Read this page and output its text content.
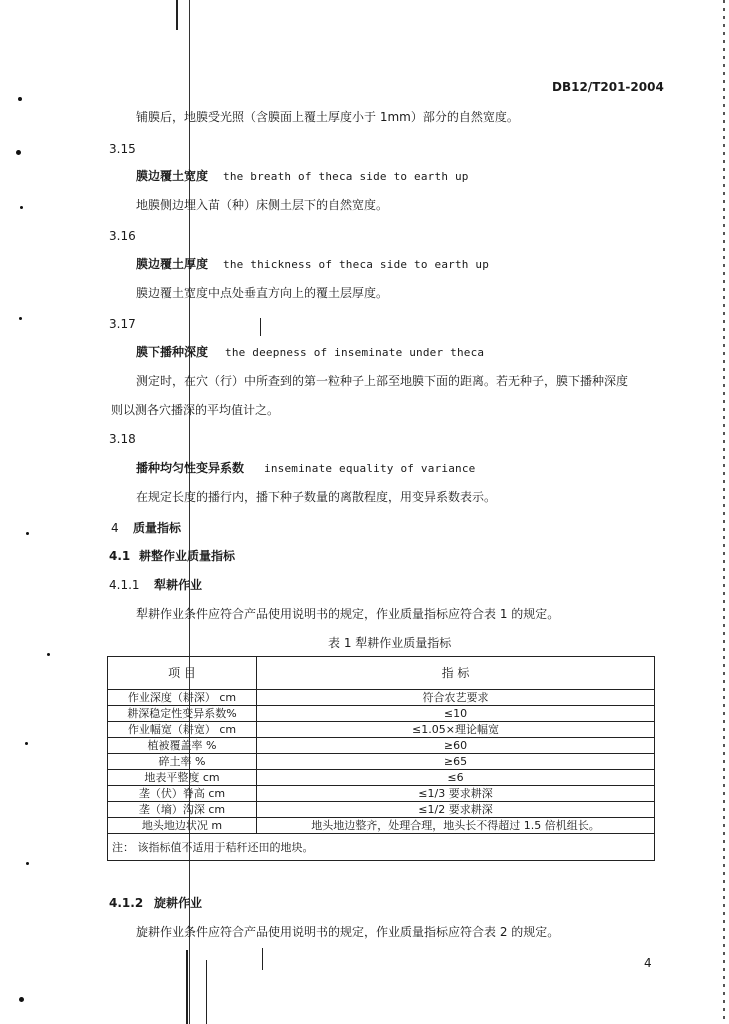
DB12/T201-2004
铺膜后，地膜受光照（含膜面上覆土厚度小于 1mm）部分的自然宽度。
3.15
膜边覆土宽度 the breath of theca side to earth up
地膜侧边埋入苗（种）床侧土层下的自然宽度。
3.16
膜边覆土厚度 the thickness of theca side to earth up
膜边覆土宽度中点处垂直方向上的覆土层厚度。
3.17
膜下播种深度 the deepness of inseminate under theca
测定时，在穴（行）中所查到的第一粒种子上部至地膜下面的距离。若无种子，膜下播种深度
则以测各穴播深的平均值计之。
3.18
播种均匀性变异系数 inseminate equality of variance
在规定长度的播行内，播下种子数量的离散程度，用变异系数表示。
4 质量指标
4.1 耕整作业质量指标
4.1.1 犁耕作业
犁耕作业条件应符合产品使用说明书的规定，作业质量指标应符合表 1 的规定。
表 1 犁耕作业质量指标
项 目	指 标
作业深度（耕深） cm	符合农艺要求
耕深稳定性变异系数%	≤10
作业幅宽（耕宽） cm	≤1.05×理论幅宽
植被覆盖率 %	≥60
碎土率 %	≥65
地表平整度 cm	≤6
垄（伏）脊高 cm	≤1/3 要求耕深
垄（墒）沟深 cm	≤1/2 要求耕深
地头地边状况 m	地头地边整齐，处理合理，地头长不得超过 1.5 倍机组长。
注： 该指标值不适用于秸秆还田的地块。	
4.1.2 旋耕作业
旋耕作业条件应符合产品使用说明书的规定，作业质量指标应符合表 2 的规定。
4
